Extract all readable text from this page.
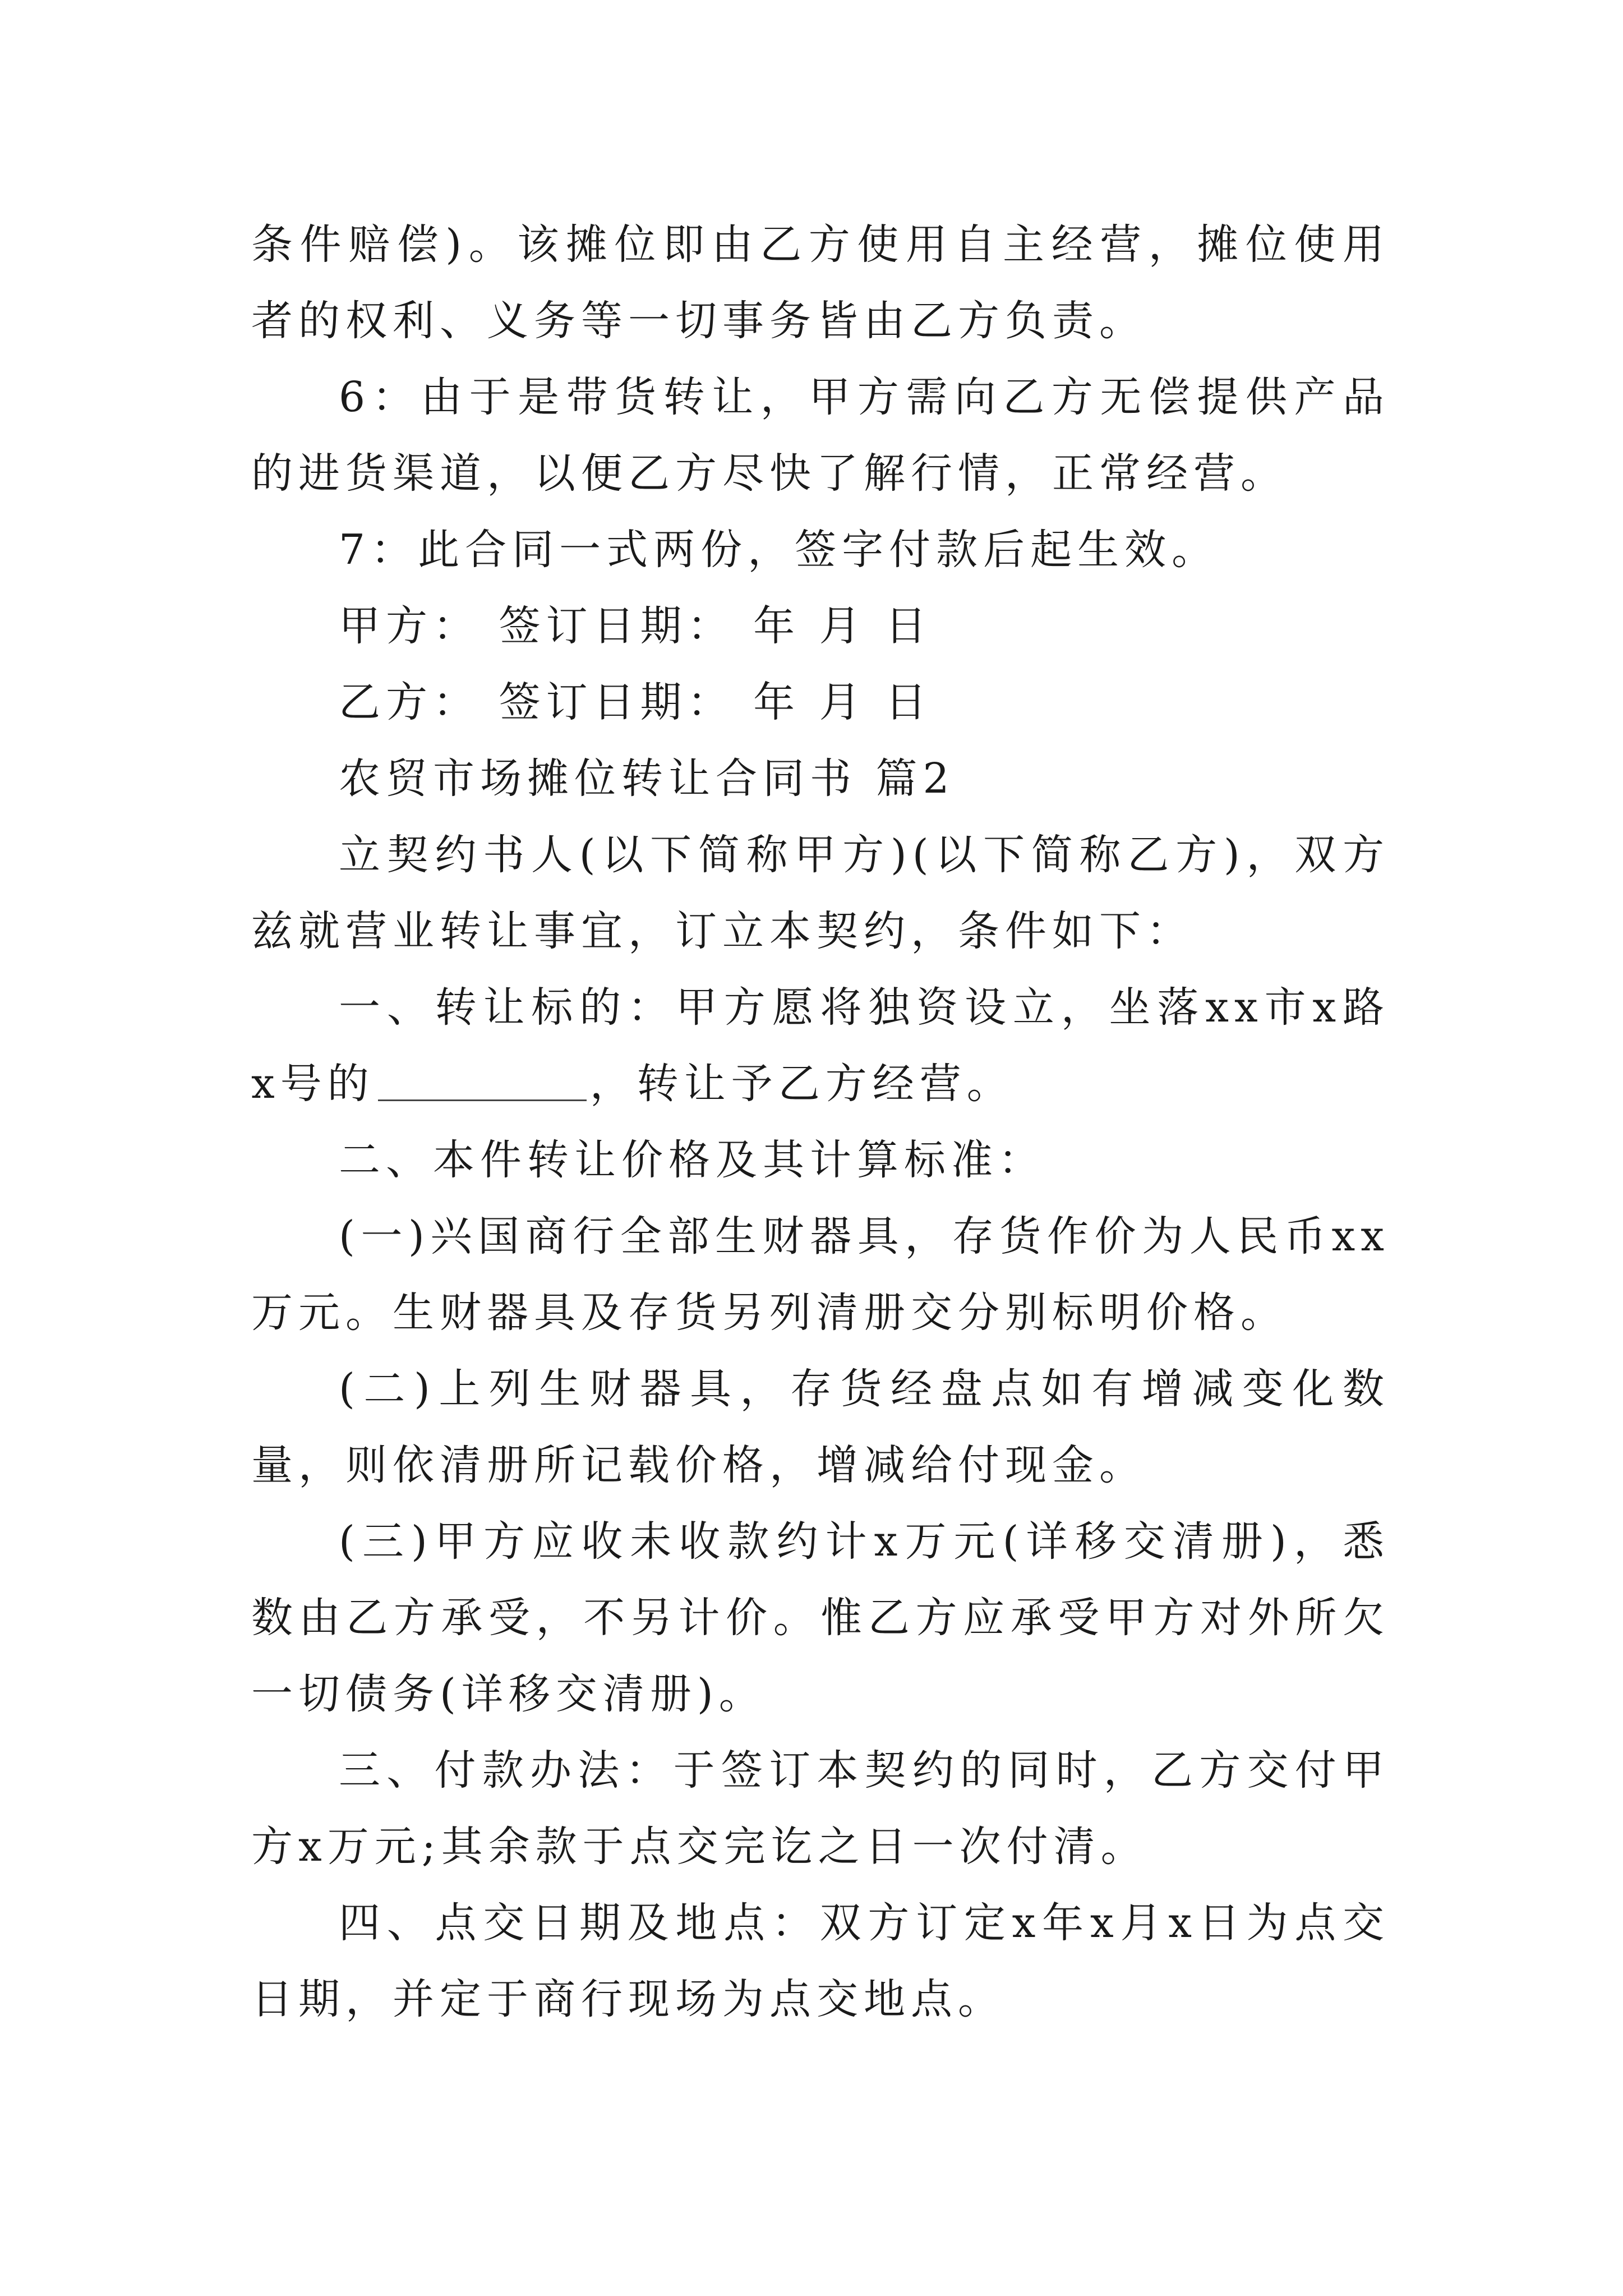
条件赔偿)。该摊位即由乙方使用自主经营，摊位使用者的权利、义务等一切事务皆由乙方负责。

6：由于是带货转让，甲方需向乙方无偿提供产品的进货渠道，以便乙方尽快了解行情，正常经营。

7：此合同一式两份，签字付款后起生效。

甲方： 签订日期： 年 月 日

乙方： 签订日期： 年 月 日

农贸市场摊位转让合同书 篇2

立契约书人(以下简称甲方)(以下简称乙方)，双方兹就营业转让事宜，订立本契约，条件如下：

一、转让标的：甲方愿将独资设立，坐落xx市x路x号的	，转让予乙方经营。

二、本件转让价格及其计算标准：

(一)兴国商行全部生财器具，存货作价为人民币xx万元。生财器具及存货另列清册交分别标明价格。

(二)上列生财器具，存货经盘点如有增减变化数量，则依清册所记载价格，增减给付现金。

(三)甲方应收未收款约计x万元(详移交清册)，悉数由乙方承受，不另计价。惟乙方应承受甲方对外所欠一切债务(详移交清册)。

三、付款办法：于签订本契约的同时，乙方交付甲方x万元;其余款于点交完讫之日一次付清。

四、点交日期及地点：双方订定x年x月x日为点交日期，并定于商行现场为点交地点。
